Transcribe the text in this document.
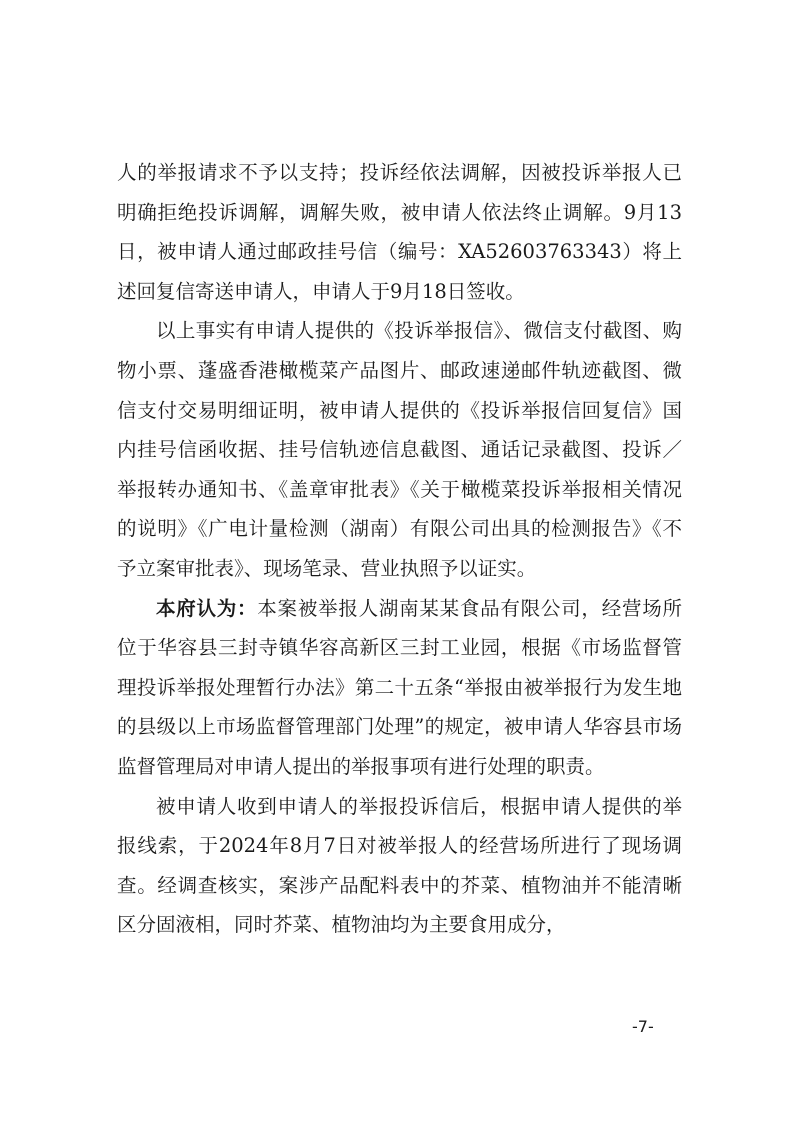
人的举报请求不予以支持；投诉经依法调解，因被投诉举报人已明确拒绝投诉调解，调解失败，被申请人依法终止调解。9月13日，被申请人通过邮政挂号信（编号：XA52603763343）将上述回复信寄送申请人，申请人于9月18日签收。

以上事实有申请人提供的《投诉举报信》、微信支付截图、购物小票、蓬盛香港橄榄菜产品图片、邮政速递邮件轨迹截图、微信支付交易明细证明，被申请人提供的《投诉举报信回复信》国内挂号信函收据、挂号信轨迹信息截图、通话记录截图、投诉／举报转办通知书、《盖章审批表》《关于橄榄菜投诉举报相关情况的说明》《广电计量检测（湖南）有限公司出具的检测报告》《不予立案审批表》、现场笔录、营业执照予以证实。

本府认为：本案被举报人湖南某某食品有限公司，经营场所位于华容县三封寺镇华容高新区三封工业园，根据《市场监督管理投诉举报处理暂行办法》第二十五条“举报由被举报行为发生地的县级以上市场监督管理部门处理”的规定，被申请人华容县市场监督管理局对申请人提出的举报事项有进行处理的职责。

被申请人收到申请人的举报投诉信后，根据申请人提供的举报线索，于2024年8月7日对被举报人的经营场所进行了现场调查。经调查核实，案涉产品配料表中的芥菜、植物油并不能清晰区分固液相，同时芥菜、植物油均为主要食用成分，

-7-
